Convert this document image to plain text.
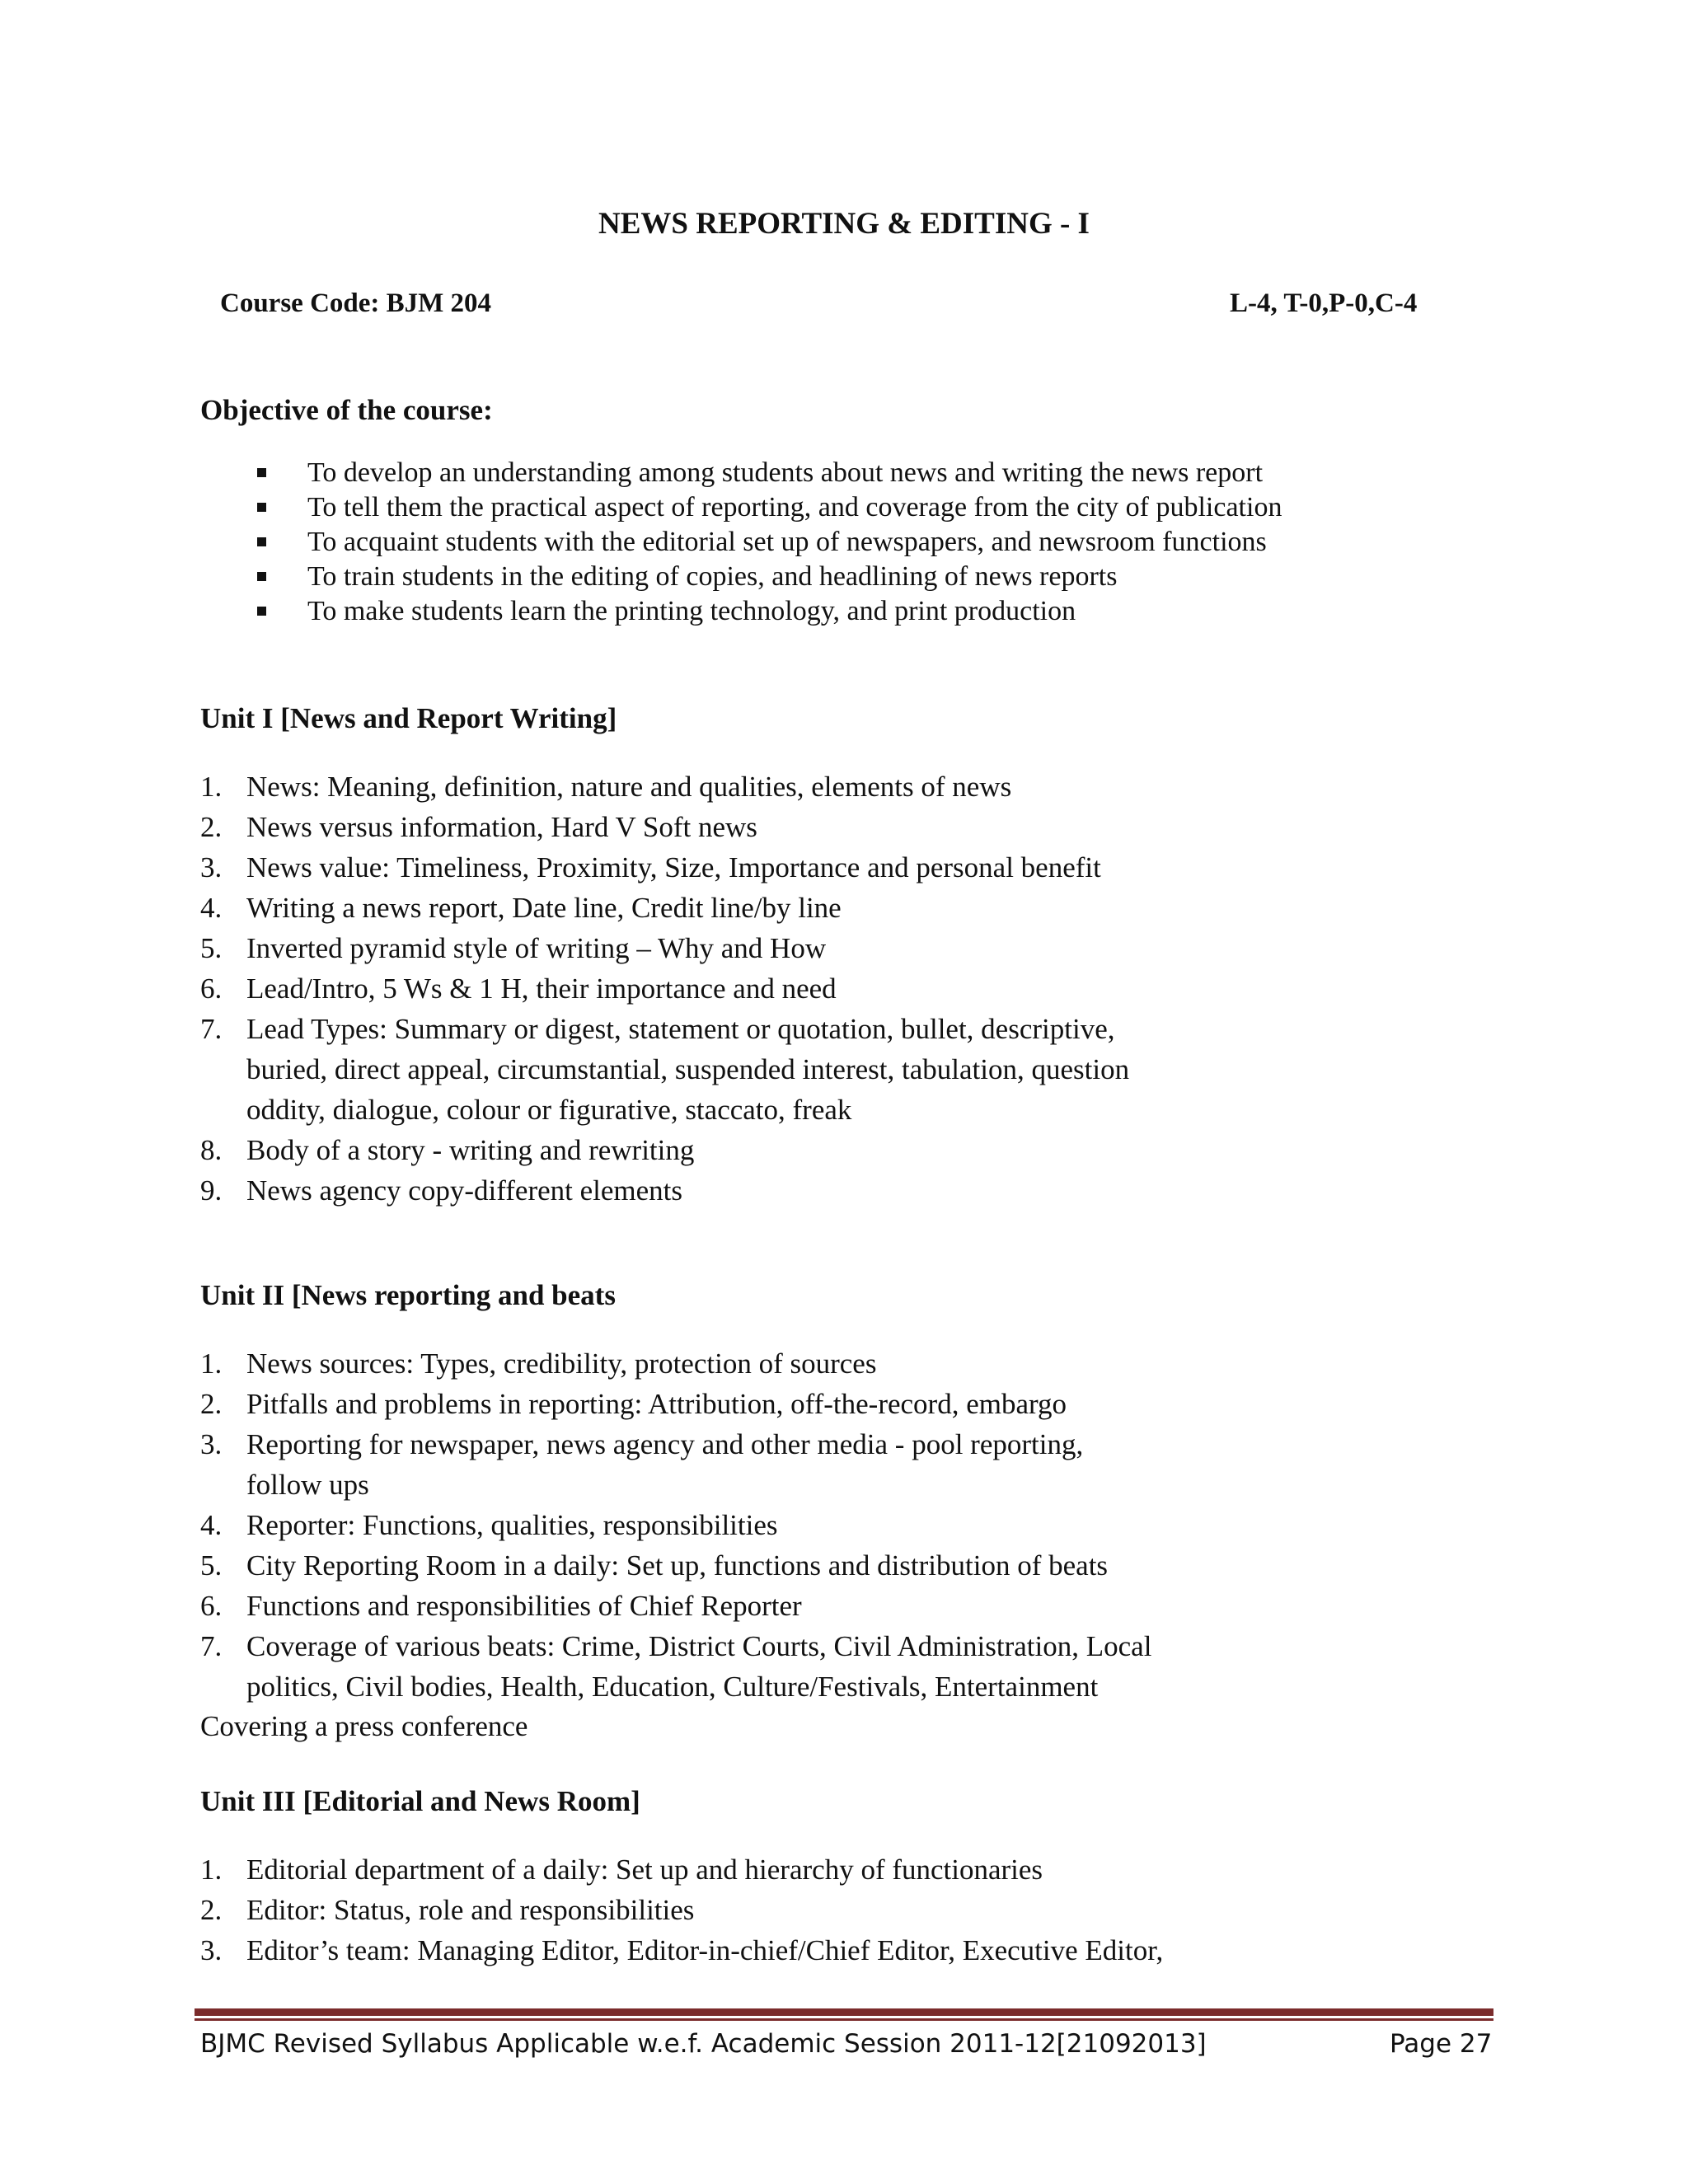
NEWS REPORTING & EDITING - I
Course Code: BJM 204	L-4, T-0,P-0,C-4
Objective of the course:
To develop an understanding among students about news and writing the news report
To tell them the practical aspect of reporting, and coverage from the city of publication
To acquaint students with the editorial set up of newspapers, and newsroom functions
To train students in the editing of copies, and headlining of news reports
To make students learn the printing technology, and print production
Unit I [News and Report Writing]
1. News: Meaning, definition, nature and qualities, elements of news
2. News versus information, Hard V Soft news
3. News value: Timeliness, Proximity, Size, Importance and personal benefit
4. Writing a news report, Date line, Credit line/by line
5. Inverted pyramid style of writing – Why and How
6. Lead/Intro, 5 Ws & 1 H, their importance and need
7. Lead Types: Summary or digest, statement or quotation, bullet, descriptive,
buried, direct appeal, circumstantial, suspended interest, tabulation, question
oddity, dialogue, colour or figurative, staccato, freak
8. Body of a story - writing and rewriting
9. News agency copy-different elements
Unit II [News reporting and beats
1. News sources: Types, credibility, protection of sources
2. Pitfalls and problems in reporting: Attribution, off-the-record, embargo
3. Reporting for newspaper, news agency and other media - pool reporting,
follow ups
4. Reporter: Functions, qualities, responsibilities
5. City Reporting Room in a daily: Set up, functions and distribution of beats
6. Functions and responsibilities of Chief Reporter
7. Coverage of various beats: Crime, District Courts, Civil Administration, Local
politics, Civil bodies, Health, Education, Culture/Festivals, Entertainment
Covering a press conference
Unit III [Editorial and News Room]
1. Editorial department of a daily: Set up and hierarchy of functionaries
2. Editor: Status, role and responsibilities
3. Editor’s team: Managing Editor, Editor-in-chief/Chief Editor, Executive Editor,
BJMC Revised Syllabus Applicable w.e.f. Academic Session 2011-12[21092013]	Page 27
